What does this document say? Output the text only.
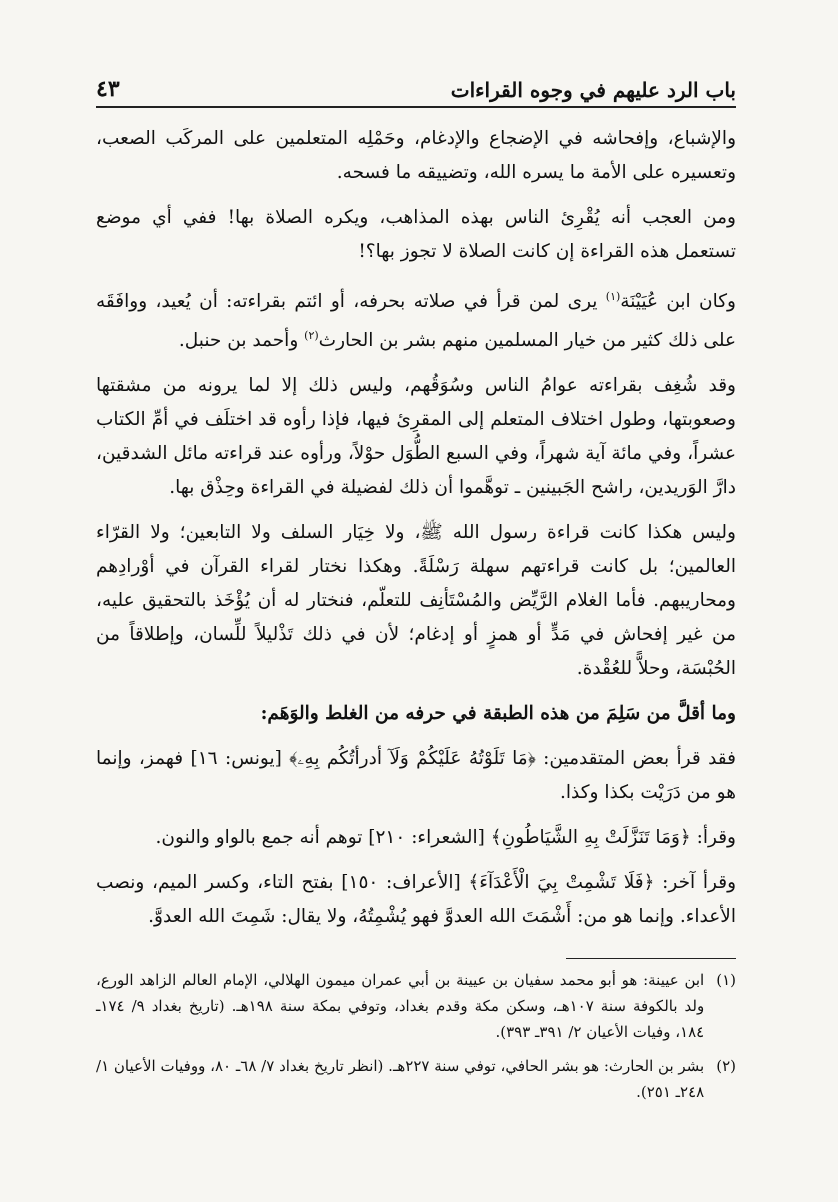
باب الرد عليهم في وجوه القراءات
٤٣

والإشباع، وإفحاشه في الإضجاع والإدغام، وحَمْلِه المتعلمين على المركَب الصعب، وتعسيره على الأمة ما يسره الله، وتضييقه ما فسحه.

ومن العجب أنه يُقْرِئ الناس بهذه المذاهب، ويكره الصلاة بها! ففي أي موضع تستعمل هذه القراءة إن كانت الصلاة لا تجوز بها؟!

وكان ابن عُيَيْنَة$^{(١)}$ يرى لمن قرأ في صلاته بحرفه، أو ائتم بقراءته: أن يُعيد، ووافَقَه على ذلك كثير من خيار المسلمين منهم بشر بن الحارث$^{(٢)}$ وأحمد بن حنبل.

وقد شُغِف بقراءته عوامُ الناس وسُوَقُهم، وليس ذلك إلا لما يرونه من مشقتها وصعوبتها، وطول اختلاف المتعلم إلى المقرِئ فيها، فإذا رأوه قد اختلَف في أمِّ الكتاب عشراً، وفي مائة آية شهراً، وفي السبع الطُّوَل حوْلاً، ورأوه عند قراءته مائل الشدقين، دارَّ الوَريدين، راشح الجَبينين ـ توهَّموا أن ذلك لفضيلة في القراءة وحِذْق بها.

وليس هكذا كانت قراءة رسول الله ﷺ، ولا خِيَار السلف ولا التابعين؛ ولا القرّاء العالمين؛ بل كانت قراءتهم سهلة رَسْلَةً. وهكذا نختار لقراء القرآن في أوْرادِهم ومحاريبهم. فأما الغلام الرَّيِّض والمُسْتَأنِف للتعلّم، فنختار له أن يُؤْخَذ بالتحقيق عليه، من غير إفحاش في مَدٍّ أو همزٍ أو إدغام؛ لأن في ذلك تَذْليلاً للِّسان، وإطلاقاً من الحُبْسَة، وحلاًّ للعُقْدة.

وما أقلَّ من سَلِمَ من هذه الطبقة في حرفه من الغلط والوَهَم:

فقد قرأ بعض المتقدمين: ﴿مَا تَلَوْتُهُ عَلَيْكُمْ وَلَآ أدرأتُكُم بِهِۦ﴾ [يونس: ١٦] فهمز، وإنما هو من دَرَيْت بكذا وكذا.

وقرأ: ﴿وَمَا تَنَزَّلَتْ بِهِ الشَّيَاطُونِ﴾ [الشعراء: ٢١٠] توهم أنه جمع بالواو والنون.

وقرأ آخر: ﴿فَلَا تَشْمِتْ بِيَ الْأَعْدَآءَ﴾ [الأعراف: ١٥٠] بفتح التاء، وكسر الميم، ونصب الأعداء. وإنما هو من: أَشْمَتَ الله العدوَّ فهو يُشْمِتُهُ، ولا يقال: شَمِتَ الله العدوَّ.

(١)
ابن عيينة: هو أبو محمد سفيان بن عيينة بن أبي عمران ميمون الهلالي، الإمام العالم الزاهد الورع، ولد بالكوفة سنة ١٠٧هـ، وسكن مكة وقدم بغداد، وتوفي بمكة سنة ١٩٨هـ. (تاريخ بغداد ٩/ ١٧٤ـ ١٨٤، وفيات الأعيان ٢/ ٣٩١ـ ٣٩٣).
(٢)
بشر بن الحارث: هو بشر الحافي، توفي سنة ٢٢٧هـ. (انظر تاريخ بغداد ٧/ ٦٨ـ ٨٠، ووفيات الأعيان ١/ ٢٤٨ـ ٢٥١).
